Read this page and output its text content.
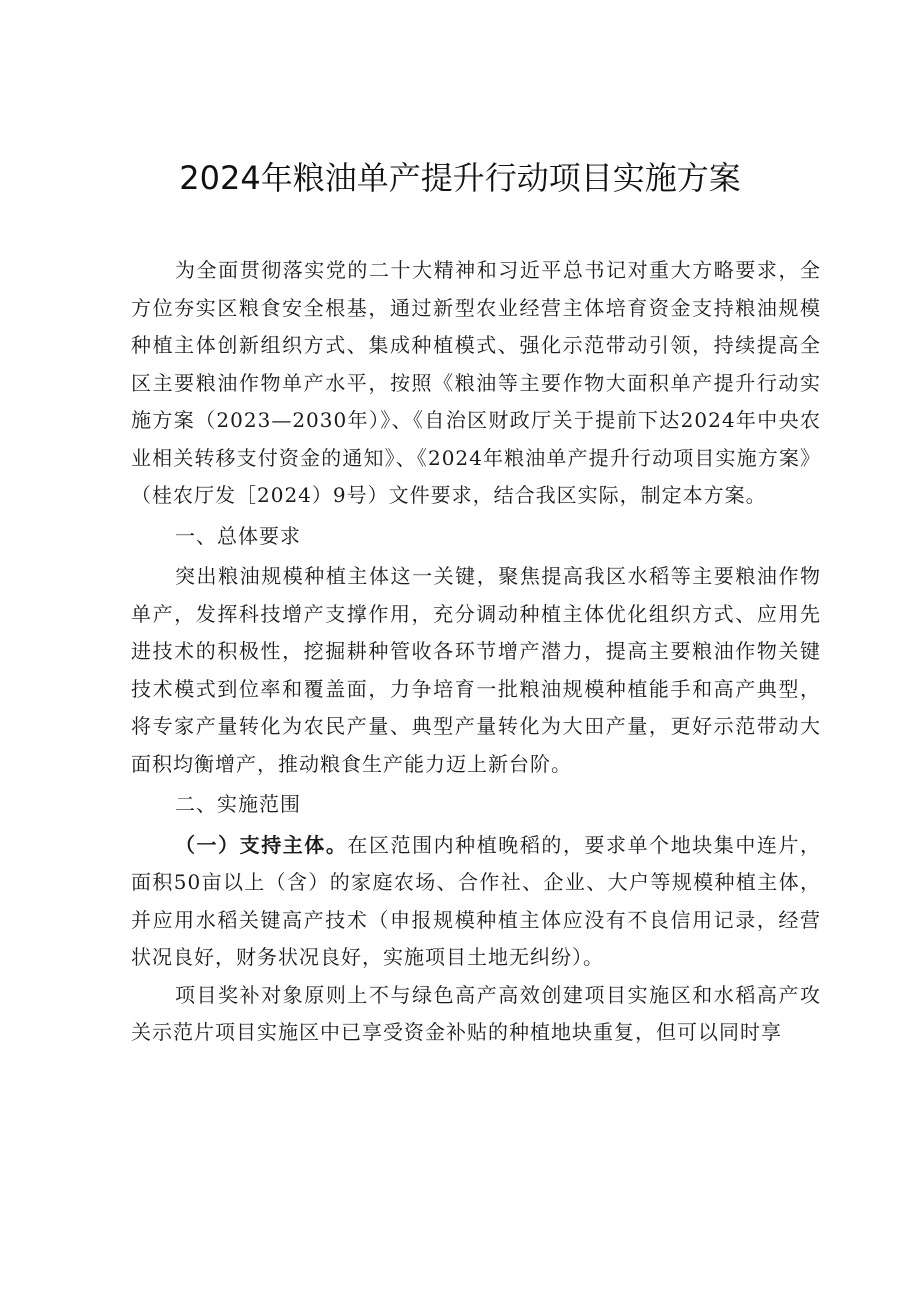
2024年粮油单产提升行动项目实施方案

为全面贯彻落实党的二十大精神和习近平总书记对重大方略要求，全方位夯实区粮食安全根基，通过新型农业经营主体培育资金支持粮油规模种植主体创新组织方式、集成种植模式、强化示范带动引领，持续提高全区主要粮油作物单产水平，按照《粮油等主要作物大面积单产提升行动实施方案（2023—2030年）》、《自治区财政厅关于提前下达2024年中央农业相关转移支付资金的通知》、《2024年粮油单产提升行动项目实施方案》（桂农厅发［2024）9号）文件要求，结合我区实际，制定本方案。

一、总体要求

突出粮油规模种植主体这一关键，聚焦提高我区水稻等主要粮油作物单产，发挥科技增产支撑作用，充分调动种植主体优化组织方式、应用先进技术的积极性，挖掘耕种管收各环节增产潜力，提高主要粮油作物关键技术模式到位率和覆盖面，力争培育一批粮油规模种植能手和高产典型，将专家产量转化为农民产量、典型产量转化为大田产量，更好示范带动大面积均衡增产，推动粮食生产能力迈上新台阶。

二、实施范围

（一）支持主体。在区范围内种植晚稻的，要求单个地块集中连片，面积50亩以上（含）的家庭农场、合作社、企业、大户等规模种植主体，并应用水稻关键高产技术（申报规模种植主体应没有不良信用记录，经营状况良好，财务状况良好，实施项目土地无纠纷）。

项目奖补对象原则上不与绿色高产高效创建项目实施区和水稻高产攻关示范片项目实施区中已享受资金补贴的种植地块重复，但可以同时享
